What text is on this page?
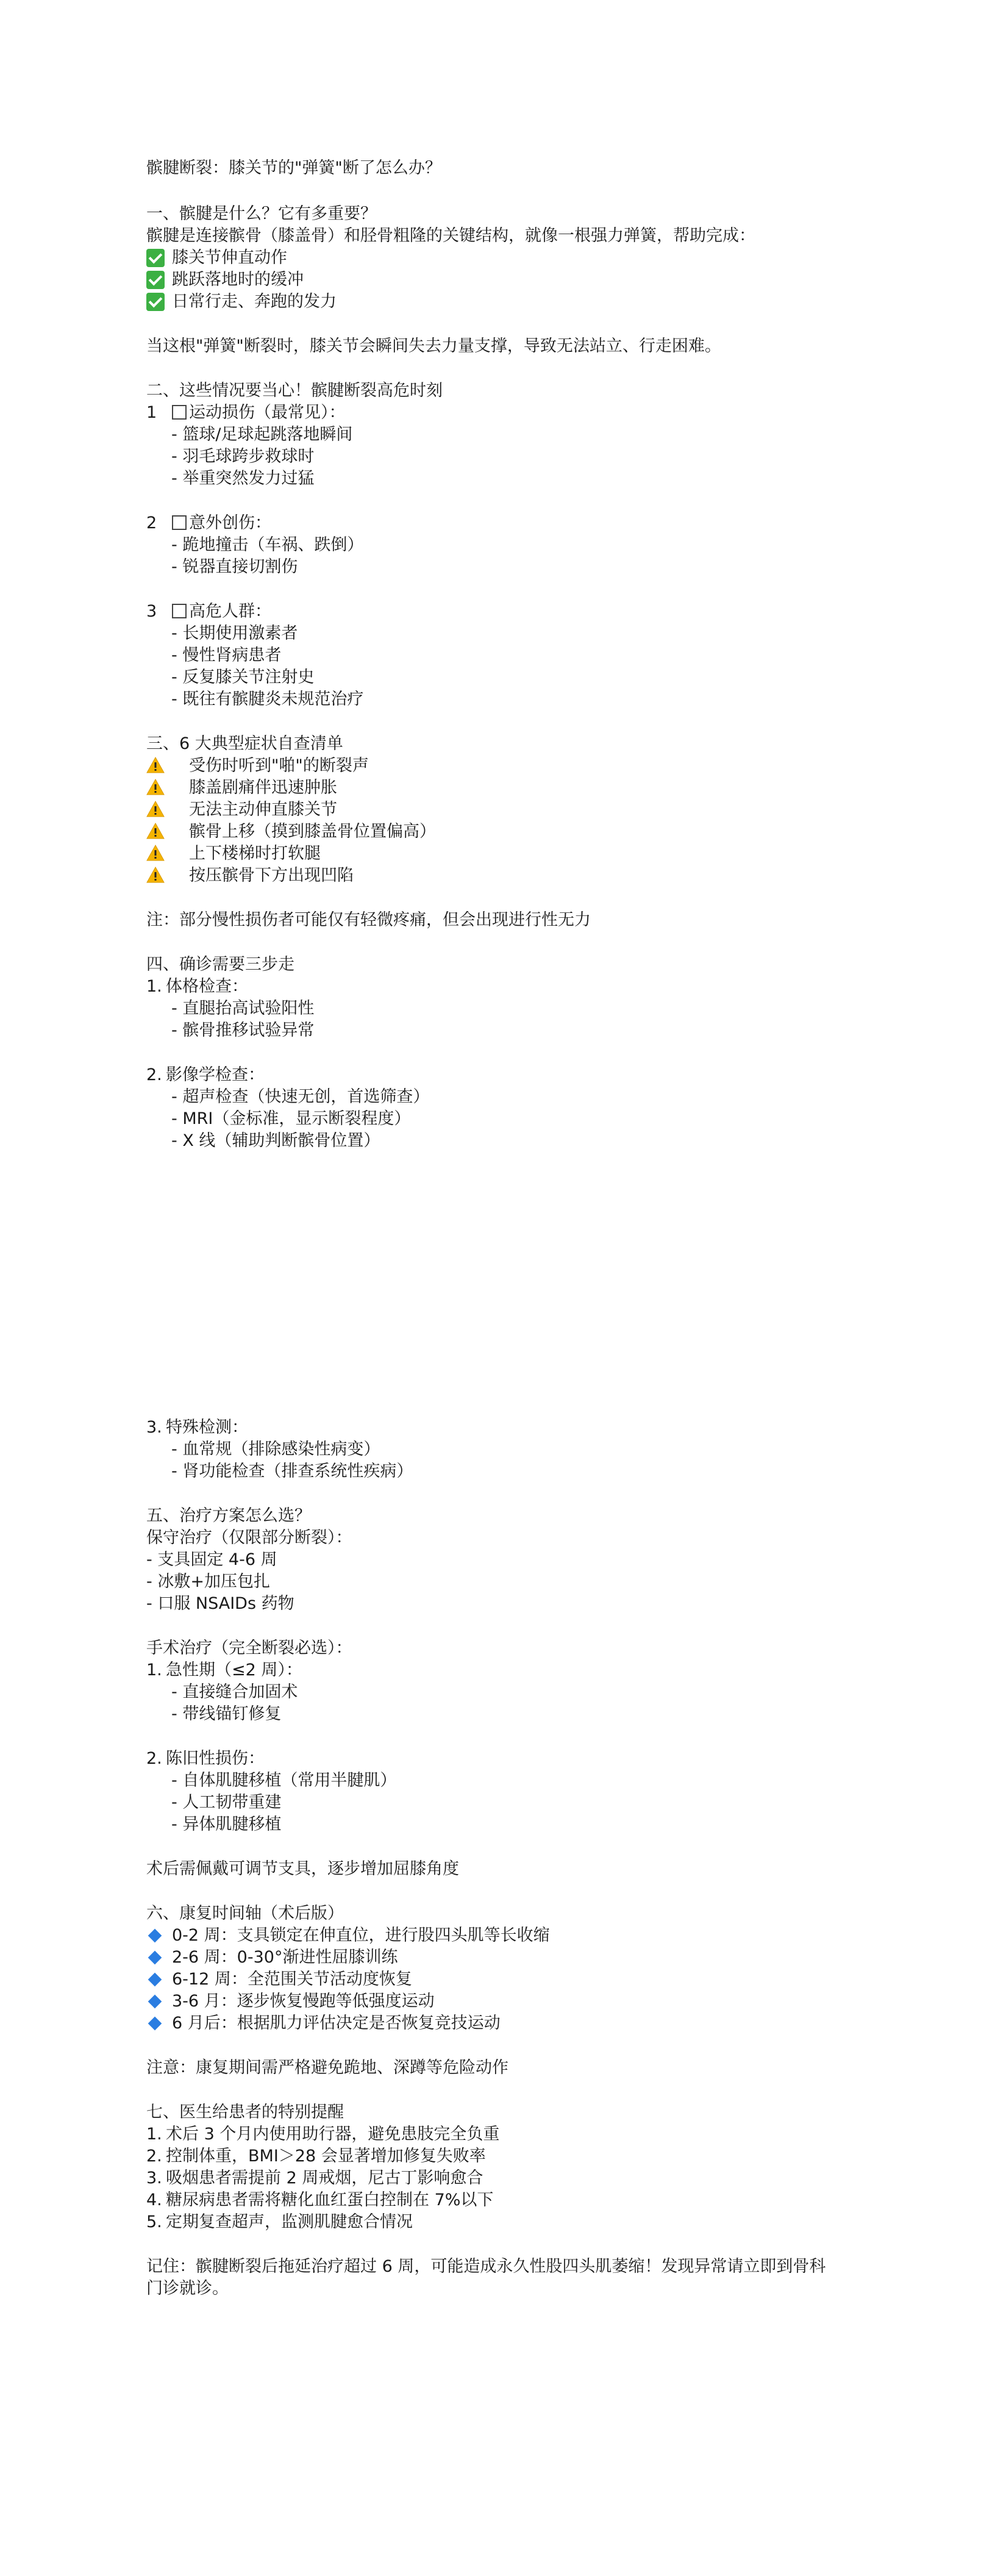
髌腱断裂：膝关节的"弹簧"断了怎么办？
一、髌腱是什么？它有多重要？
髌腱是连接髌骨（膝盖骨）和胫骨粗隆的关键结构，就像一根强力弹簧，帮助完成：
膝关节伸直动作
跳跃落地时的缓冲
日常行走、奔跑的发力
当这根"弹簧"断裂时，膝关节会瞬间失去力量支撑，导致无法站立、行走困难。
二、这些情况要当心！髌腱断裂高危时刻
1 运动损伤（最常见）：
- 篮球/足球起跳落地瞬间
- 羽毛球跨步救球时
- 举重突然发力过猛
2 意外创伤：
- 跪地撞击（车祸、跌倒）
- 锐器直接切割伤
3 高危人群：
- 长期使用激素者
- 慢性肾病患者
- 反复膝关节注射史
- 既往有髌腱炎未规范治疗
三、6 大典型症状自查清单
受伤时听到"啪"的断裂声
膝盖剧痛伴迅速肿胀
无法主动伸直膝关节
髌骨上移（摸到膝盖骨位置偏高）
上下楼梯时打软腿
按压髌骨下方出现凹陷
注：部分慢性损伤者可能仅有轻微疼痛，但会出现进行性无力
四、确诊需要三步走
1. 体格检查：
- 直腿抬高试验阳性
- 髌骨推移试验异常
2. 影像学检查：
- 超声检查（快速无创，首选筛查）
- MRI（金标准，显示断裂程度）
- X 线（辅助判断髌骨位置）
3. 特殊检测：
- 血常规（排除感染性病变）
- 肾功能检查（排查系统性疾病）
五、治疗方案怎么选？
保守治疗（仅限部分断裂）：
- 支具固定 4-6 周
- 冰敷+加压包扎
- 口服 NSAIDs 药物
手术治疗（完全断裂必选）：
1. 急性期（≤2 周）：
- 直接缝合加固术
- 带线锚钉修复
2. 陈旧性损伤：
- 自体肌腱移植（常用半腱肌）
- 人工韧带重建
- 异体肌腱移植
术后需佩戴可调节支具，逐步增加屈膝角度
六、康复时间轴（术后版）
0-2 周：支具锁定在伸直位，进行股四头肌等长收缩
2-6 周：0-30°渐进性屈膝训练
6-12 周：全范围关节活动度恢复
3-6 月：逐步恢复慢跑等低强度运动
6 月后：根据肌力评估决定是否恢复竞技运动
注意：康复期间需严格避免跪地、深蹲等危险动作
七、医生给患者的特别提醒
1. 术后 3 个月内使用助行器，避免患肢完全负重
2. 控制体重，BMI＞28 会显著增加修复失败率
3. 吸烟患者需提前 2 周戒烟，尼古丁影响愈合
4. 糖尿病患者需将糖化血红蛋白控制在 7%以下
5. 定期复查超声，监测肌腱愈合情况
记住：髌腱断裂后拖延治疗超过 6 周，可能造成永久性股四头肌萎缩！发现异常请立即到骨科
门诊就诊。
